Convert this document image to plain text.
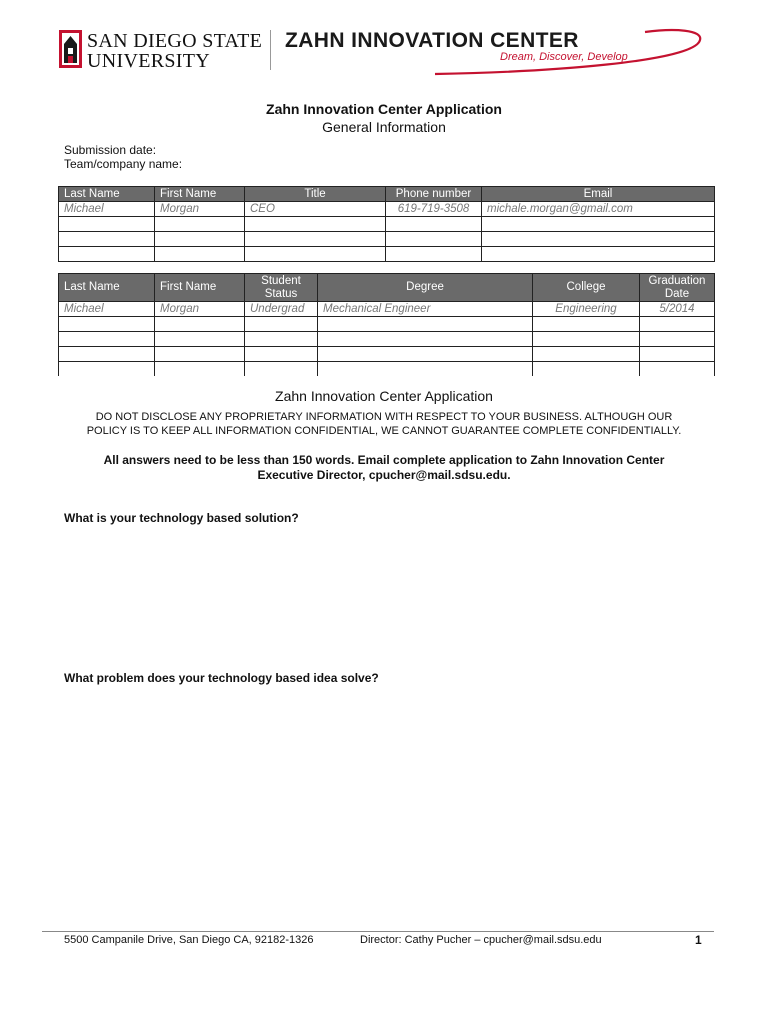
SAN DIEGO STATE
UNIVERSITY
ZAHN INNOVATION CENTER
Dream, Discover, Develop
Zahn Innovation Center Application
General Information
Submission date:
Team/company name:
Last Name	First Name	Title	Phone number	Email
Michael	Morgan	CEO	619-719-3508	michale.morgan@gmail.com

Last Name	First Name	Student Status	Degree	College	Graduation Date
Michael	Morgan	Undergrad	Mechanical Engineer	Engineering	5/2014

Zahn Innovation Center Application
DO NOT DISCLOSE ANY PROPRIETARY INFORMATION WITH RESPECT TO YOUR BUSINESS. ALTHOUGH OUR
POLICY IS TO KEEP ALL INFORMATION CONFIDENTIAL, WE CANNOT GUARANTEE COMPLETE CONFIDENTIALLY.
All answers need to be less than 150 words. Email complete application to Zahn Innovation Center
Executive Director, cpucher@mail.sdsu.edu.
What is your technology based solution?
What problem does your technology based idea solve?
5500 Campanile Drive, San Diego CA, 92182-1326	Director: Cathy Pucher – cpucher@mail.sdsu.edu	1
